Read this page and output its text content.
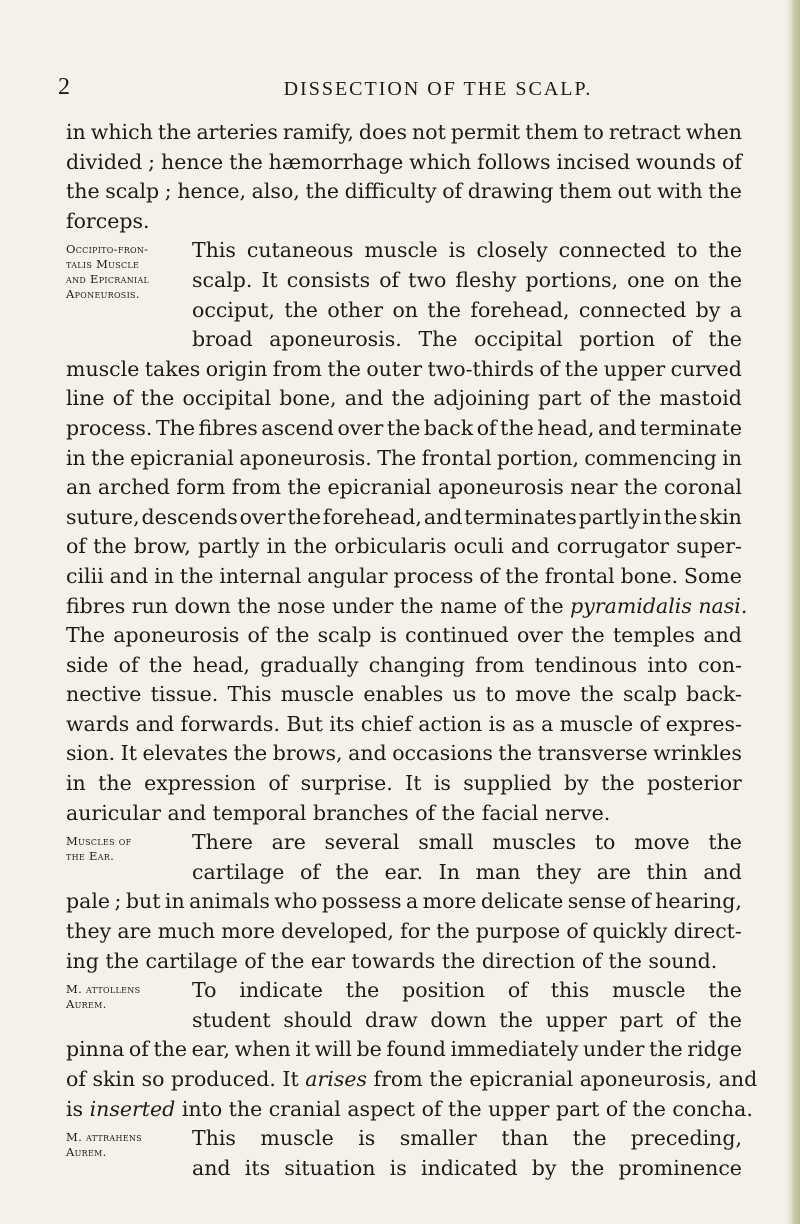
2	DISSECTION OF THE SCALP.
in which the arteries ramify, does not permit them to retract when
divided ; hence the hæmorrhage which follows incised wounds of
the scalp ; hence, also, the difficulty of drawing them out with the
forceps.
Occipito-fron-
talis Muscle
and Epicranial
Aponeurosis.
This cutaneous muscle is closely connected to the
scalp. It consists of two fleshy portions, one on the
occiput, the other on the forehead, connected by a
broad aponeurosis. The occipital portion of the
muscle takes origin from the outer two-thirds of the upper curved
line of the occipital bone, and the adjoining part of the mastoid
process. The fibres ascend over the back of the head, and terminate
in the epicranial aponeurosis. The frontal portion, commencing in
an arched form from the epicranial aponeurosis near the coronal
suture, descends over the forehead, and terminates partly in the skin
of the brow, partly in the orbicularis oculi and corrugator super-
cilii and in the internal angular process of the frontal bone. Some
fibres run down the nose under the name of the pyramidalis nasi.
The aponeurosis of the scalp is continued over the temples and
side of the head, gradually changing from tendinous into con-
nective tissue. This muscle enables us to move the scalp back-
wards and forwards. But its chief action is as a muscle of expres-
sion. It elevates the brows, and occasions the transverse wrinkles
in the expression of surprise. It is supplied by the posterior
auricular and temporal branches of the facial nerve.
Muscles of
the Ear.
There are several small muscles to move the
cartilage of the ear. In man they are thin and
pale ; but in animals who possess a more delicate sense of hearing,
they are much more developed, for the purpose of quickly direct-
ing the cartilage of the ear towards the direction of the sound.
M. attollens
Aurem.
To indicate the position of this muscle the
student should draw down the upper part of the
pinna of the ear, when it will be found immediately under the ridge
of skin so produced. It arises from the epicranial aponeurosis, and
is inserted into the cranial aspect of the upper part of the concha.
M. attrahens
Aurem.
This muscle is smaller than the preceding,
and its situation is indicated by the prominence
